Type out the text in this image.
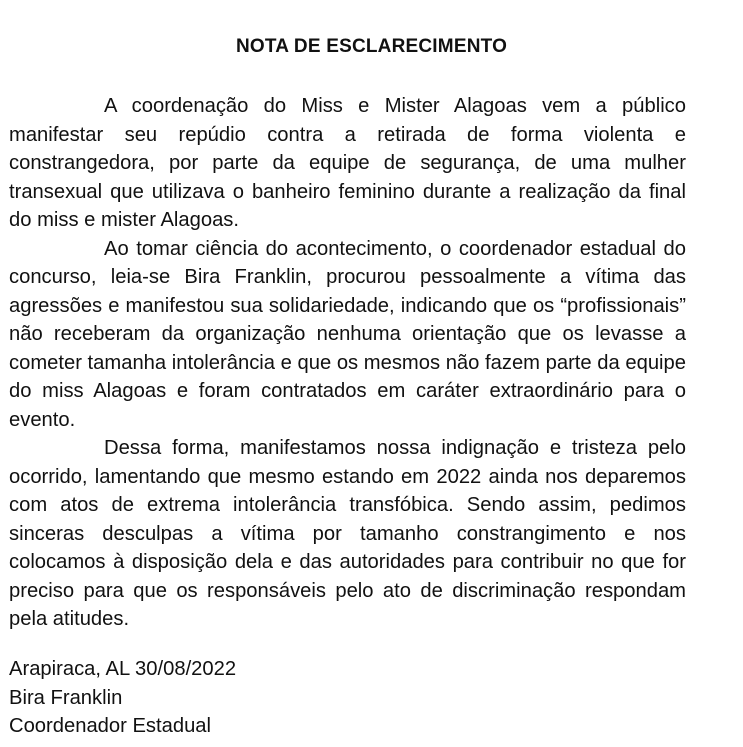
NOTA DE ESCLARECIMENTO

A coordenação do Miss e Mister Alagoas vem a público manifestar seu repúdio contra a retirada de forma violenta e constrangedora, por parte da equipe de segurança, de uma mulher transexual que utilizava o banheiro feminino durante a realização da final do miss e mister Alagoas.

Ao tomar ciência do acontecimento, o coordenador estadual do concurso, leia-se Bira Franklin, procurou pessoalmente a vítima das agressões e manifestou sua solidariedade, indicando que os “profissionais” não receberam da organização nenhuma orientação que os levasse a cometer tamanha intolerância e que os mesmos não fazem parte da equipe do miss Alagoas e foram contratados em caráter extraordinário para o evento.

Dessa forma, manifestamos nossa indignação e tristeza pelo ocorrido, lamentando que mesmo estando em 2022 ainda nos deparemos com atos de extrema intolerância transfóbica. Sendo assim, pedimos sinceras desculpas a vítima por tamanho constrangimento e nos colocamos à disposição dela e das autoridades para contribuir no que for preciso para que os responsáveis pelo ato de discriminação respondam pela atitudes.

Arapiraca, AL 30/08/2022
Bira Franklin
Coordenador Estadual
